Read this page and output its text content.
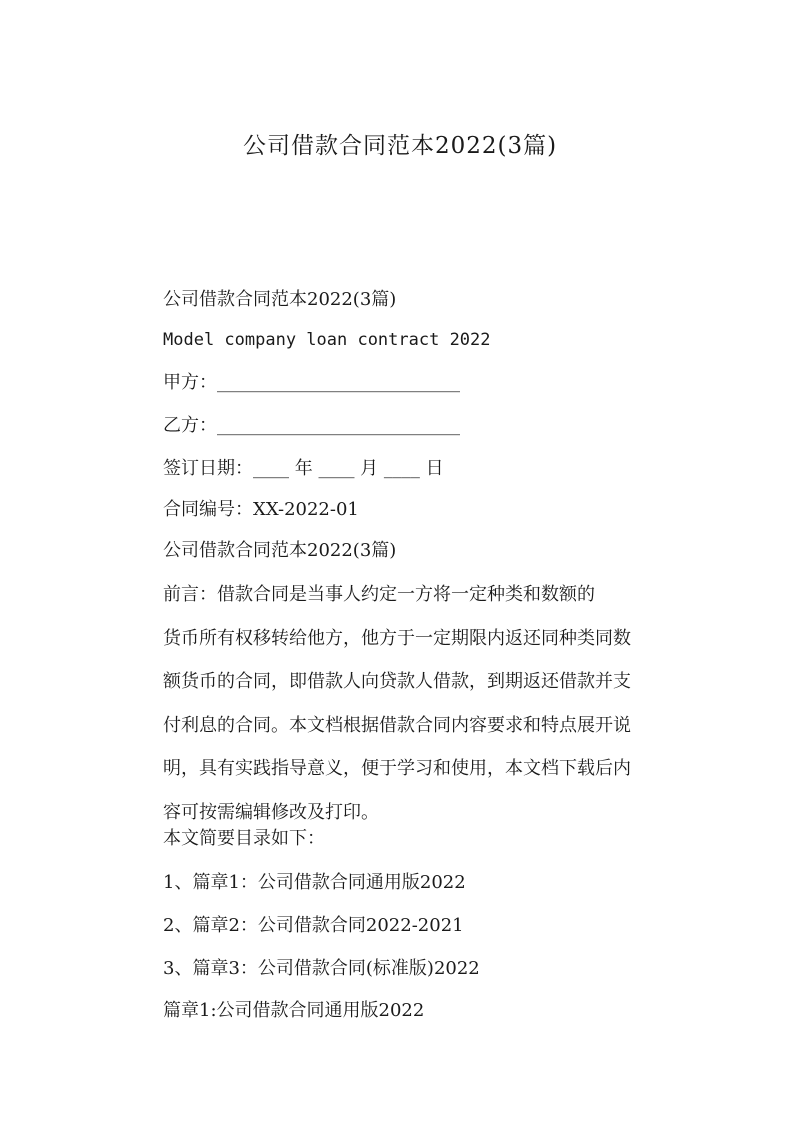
公司借款合同范本2022(3篇)

公司借款合同范本2022(3篇)

Model company loan contract 2022

甲方：___________________________

乙方：___________________________

签订日期：____ 年 ____ 月 ____ 日

合同编号：XX-2022-01

公司借款合同范本2022(3篇)

前言：借款合同是当事人约定一方将一定种类和数额的
货币所有权移转给他方，他方于一定期限内返还同种类同数
额货币的合同，即借款人向贷款人借款，到期返还借款并支
付利息的合同。本文档根据借款合同内容要求和特点展开说
明，具有实践指导意义，便于学习和使用，本文档下载后内
容可按需编辑修改及打印。

本文简要目录如下：

1、篇章1：公司借款合同通用版2022

2、篇章2：公司借款合同2022-2021

3、篇章3：公司借款合同(标准版)2022

篇章1:公司借款合同通用版2022
